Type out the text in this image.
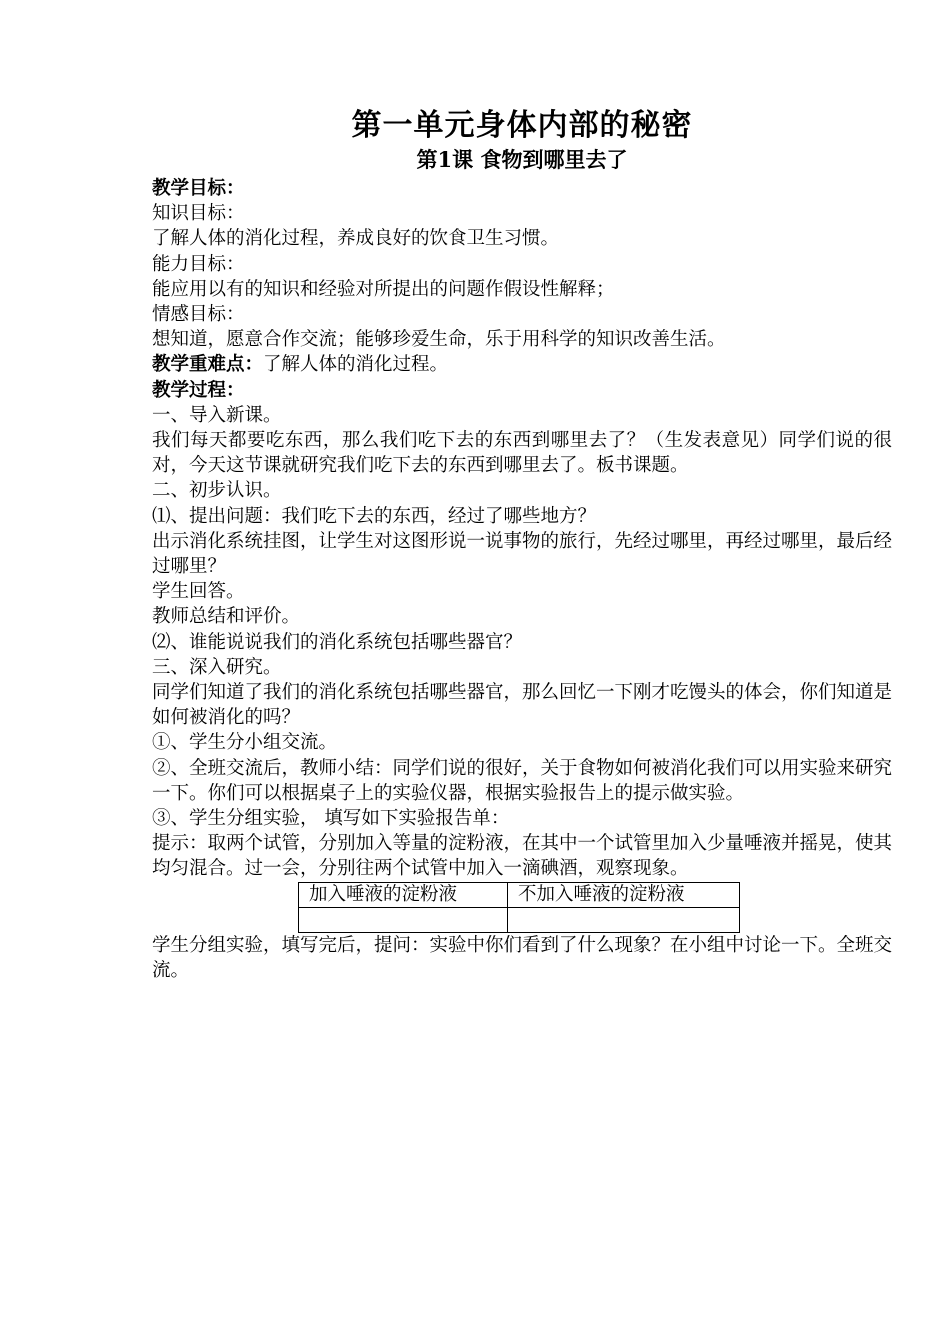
第一单元身体内部的秘密
第1课 食物到哪里去了
教学目标：
知识目标：
了解人体的消化过程，养成良好的饮食卫生习惯。
能力目标：
能应用以有的知识和经验对所提出的问题作假设性解释；
情感目标：
想知道，愿意合作交流；能够珍爱生命，乐于用科学的知识改善生活。
教学重难点：了解人体的消化过程。
教学过程：
一、导入新课。
我们每天都要吃东西，那么我们吃下去的东西到哪里去了？（生发表意见）同学们说的很对，今天这节课就研究我们吃下去的东西到哪里去了。板书课题。
二、初步认识。
⑴、提出问题：我们吃下去的东西，经过了哪些地方？
出示消化系统挂图，让学生对这图形说一说事物的旅行，先经过哪里，再经过哪里，最后经过哪里？
学生回答。
教师总结和评价。
⑵、谁能说说我们的消化系统包括哪些器官？
三、深入研究。
同学们知道了我们的消化系统包括哪些器官，那么回忆一下刚才吃馒头的体会，你们知道是如何被消化的吗？
①、学生分小组交流。
②、全班交流后，教师小结：同学们说的很好，关于食物如何被消化我们可以用实验来研究一下。你们可以根据桌子上的实验仪器，根据实验报告上的提示做实验。
③、学生分组实验， 填写如下实验报告单：
提示：取两个试管，分别加入等量的淀粉液，在其中一个试管里加入少量唾液并摇晃，使其均匀混合。过一会，分别往两个试管中加入一滴碘酒，观察现象。
加入唾液的淀粉液	不加入唾液的淀粉液

学生分组实验，填写完后，提问：实验中你们看到了什么现象？在小组中讨论一下。全班交流。
